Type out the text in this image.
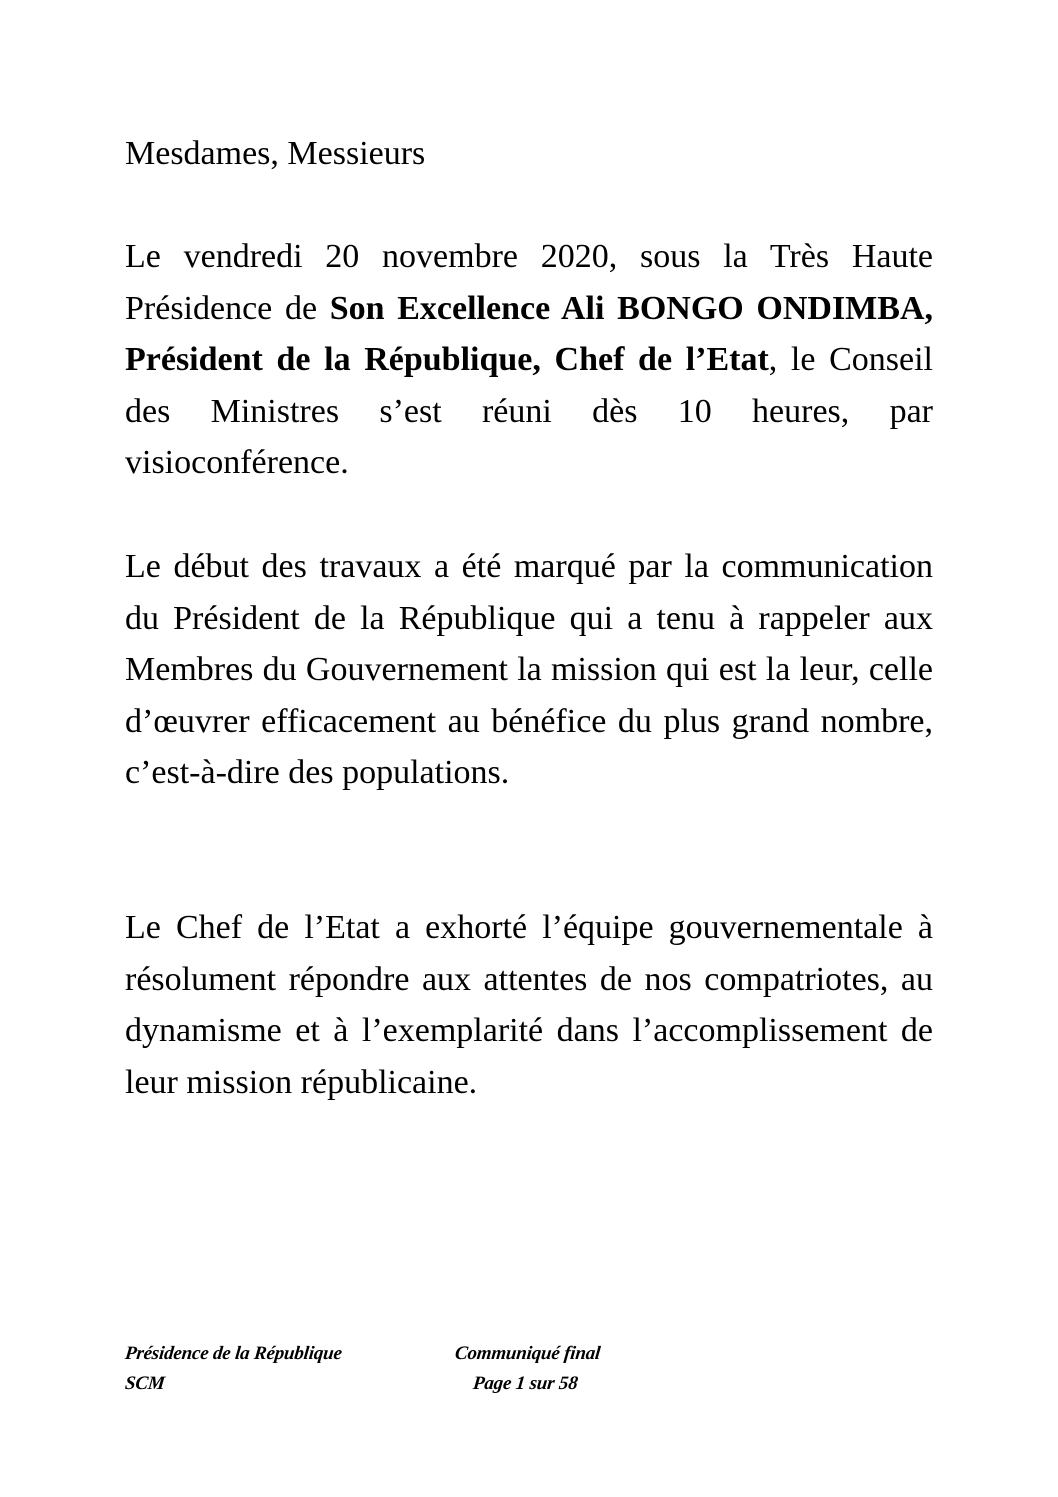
Mesdames, Messieurs

Le vendredi 20 novembre 2020, sous la Très Haute Présidence de Son Excellence Ali BONGO ONDIMBA, Président de la République, Chef de l’Etat, le Conseil des Ministres s’est réuni dès 10 heures, par visioconférence.

Le début des travaux a été marqué par la communication du Président de la République qui a tenu à rappeler aux Membres du Gouvernement la mission qui est la leur, celle d’œuvrer efficacement au bénéfice du plus grand nombre, c’est-à-dire des populations.

Le Chef de l’Etat a exhorté l’équipe gouvernementale à résolument répondre aux attentes de nos compatriotes, au dynamisme et à l’exemplarité dans l’accomplissement de leur mission républicaine.

Présidence de la République

SCM

Communiqué final

Page 1 sur 58
